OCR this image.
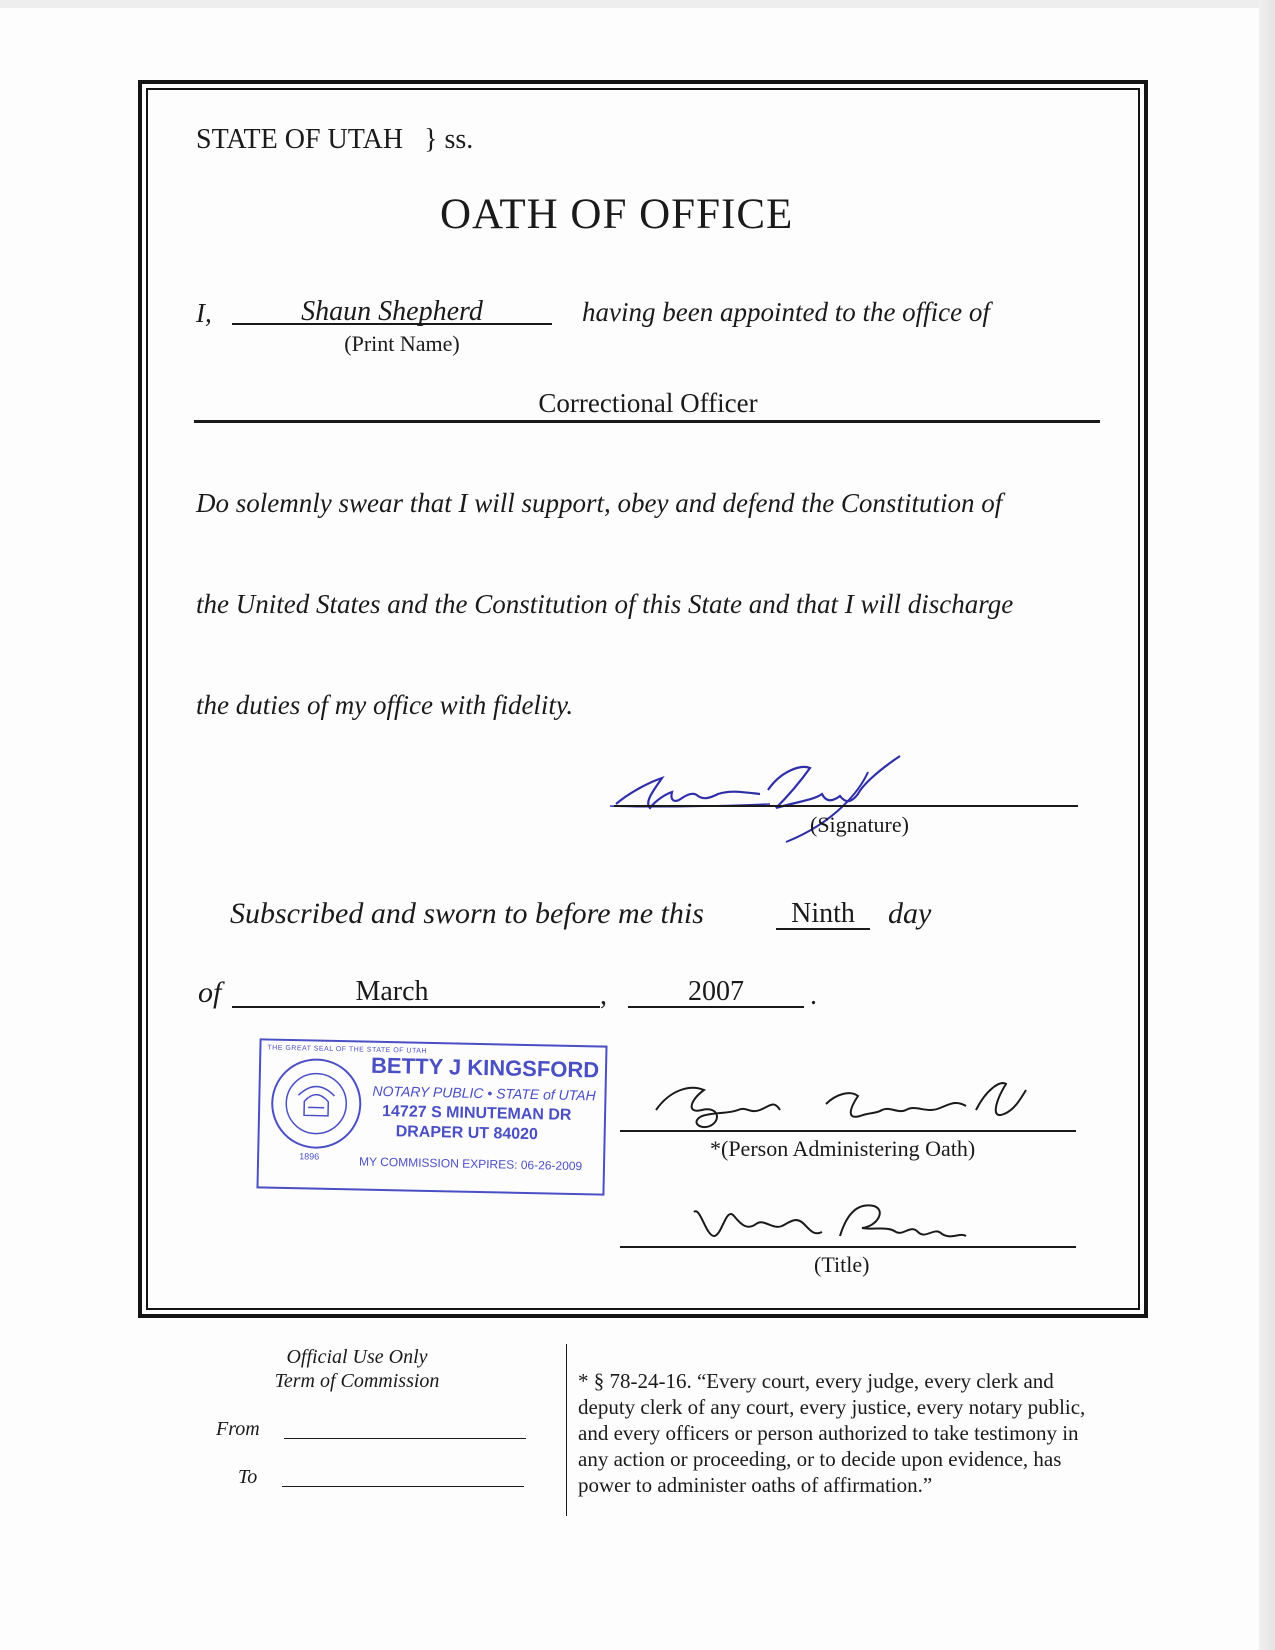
STATE OF UTAH } ss.
OATH OF OFFICE
I,	Shaun Shepherd
(Print Name)
having been appointed to the office of
Correctional Officer
Do solemnly swear that I will support, obey and defend the Constitution of
the United States and the Constitution of this State and that I will discharge
the duties of my office with fidelity.
(Signature)
Subscribed and sworn to before me this	Ninth	day
of	March	,	2007	.
THE GREAT SEAL OF THE STATE OF UTAH
1896
BETTY J KINGSFORD
NOTARY PUBLIC • STATE of UTAH
14727 S MINUTEMAN DR
DRAPER UT 84020
MY COMMISSION EXPIRES: 06-26-2009
*(Person Administering Oath)
(Title)
Official Use Only
Term of Commission
From
To
* § 78-24-16. “Every court, every judge, every clerk and
deputy clerk of any court, every justice, every notary public,
and every officers or person authorized to take testimony in
any action or proceeding, or to decide upon evidence, has
power to administer oaths of affirmation.”
